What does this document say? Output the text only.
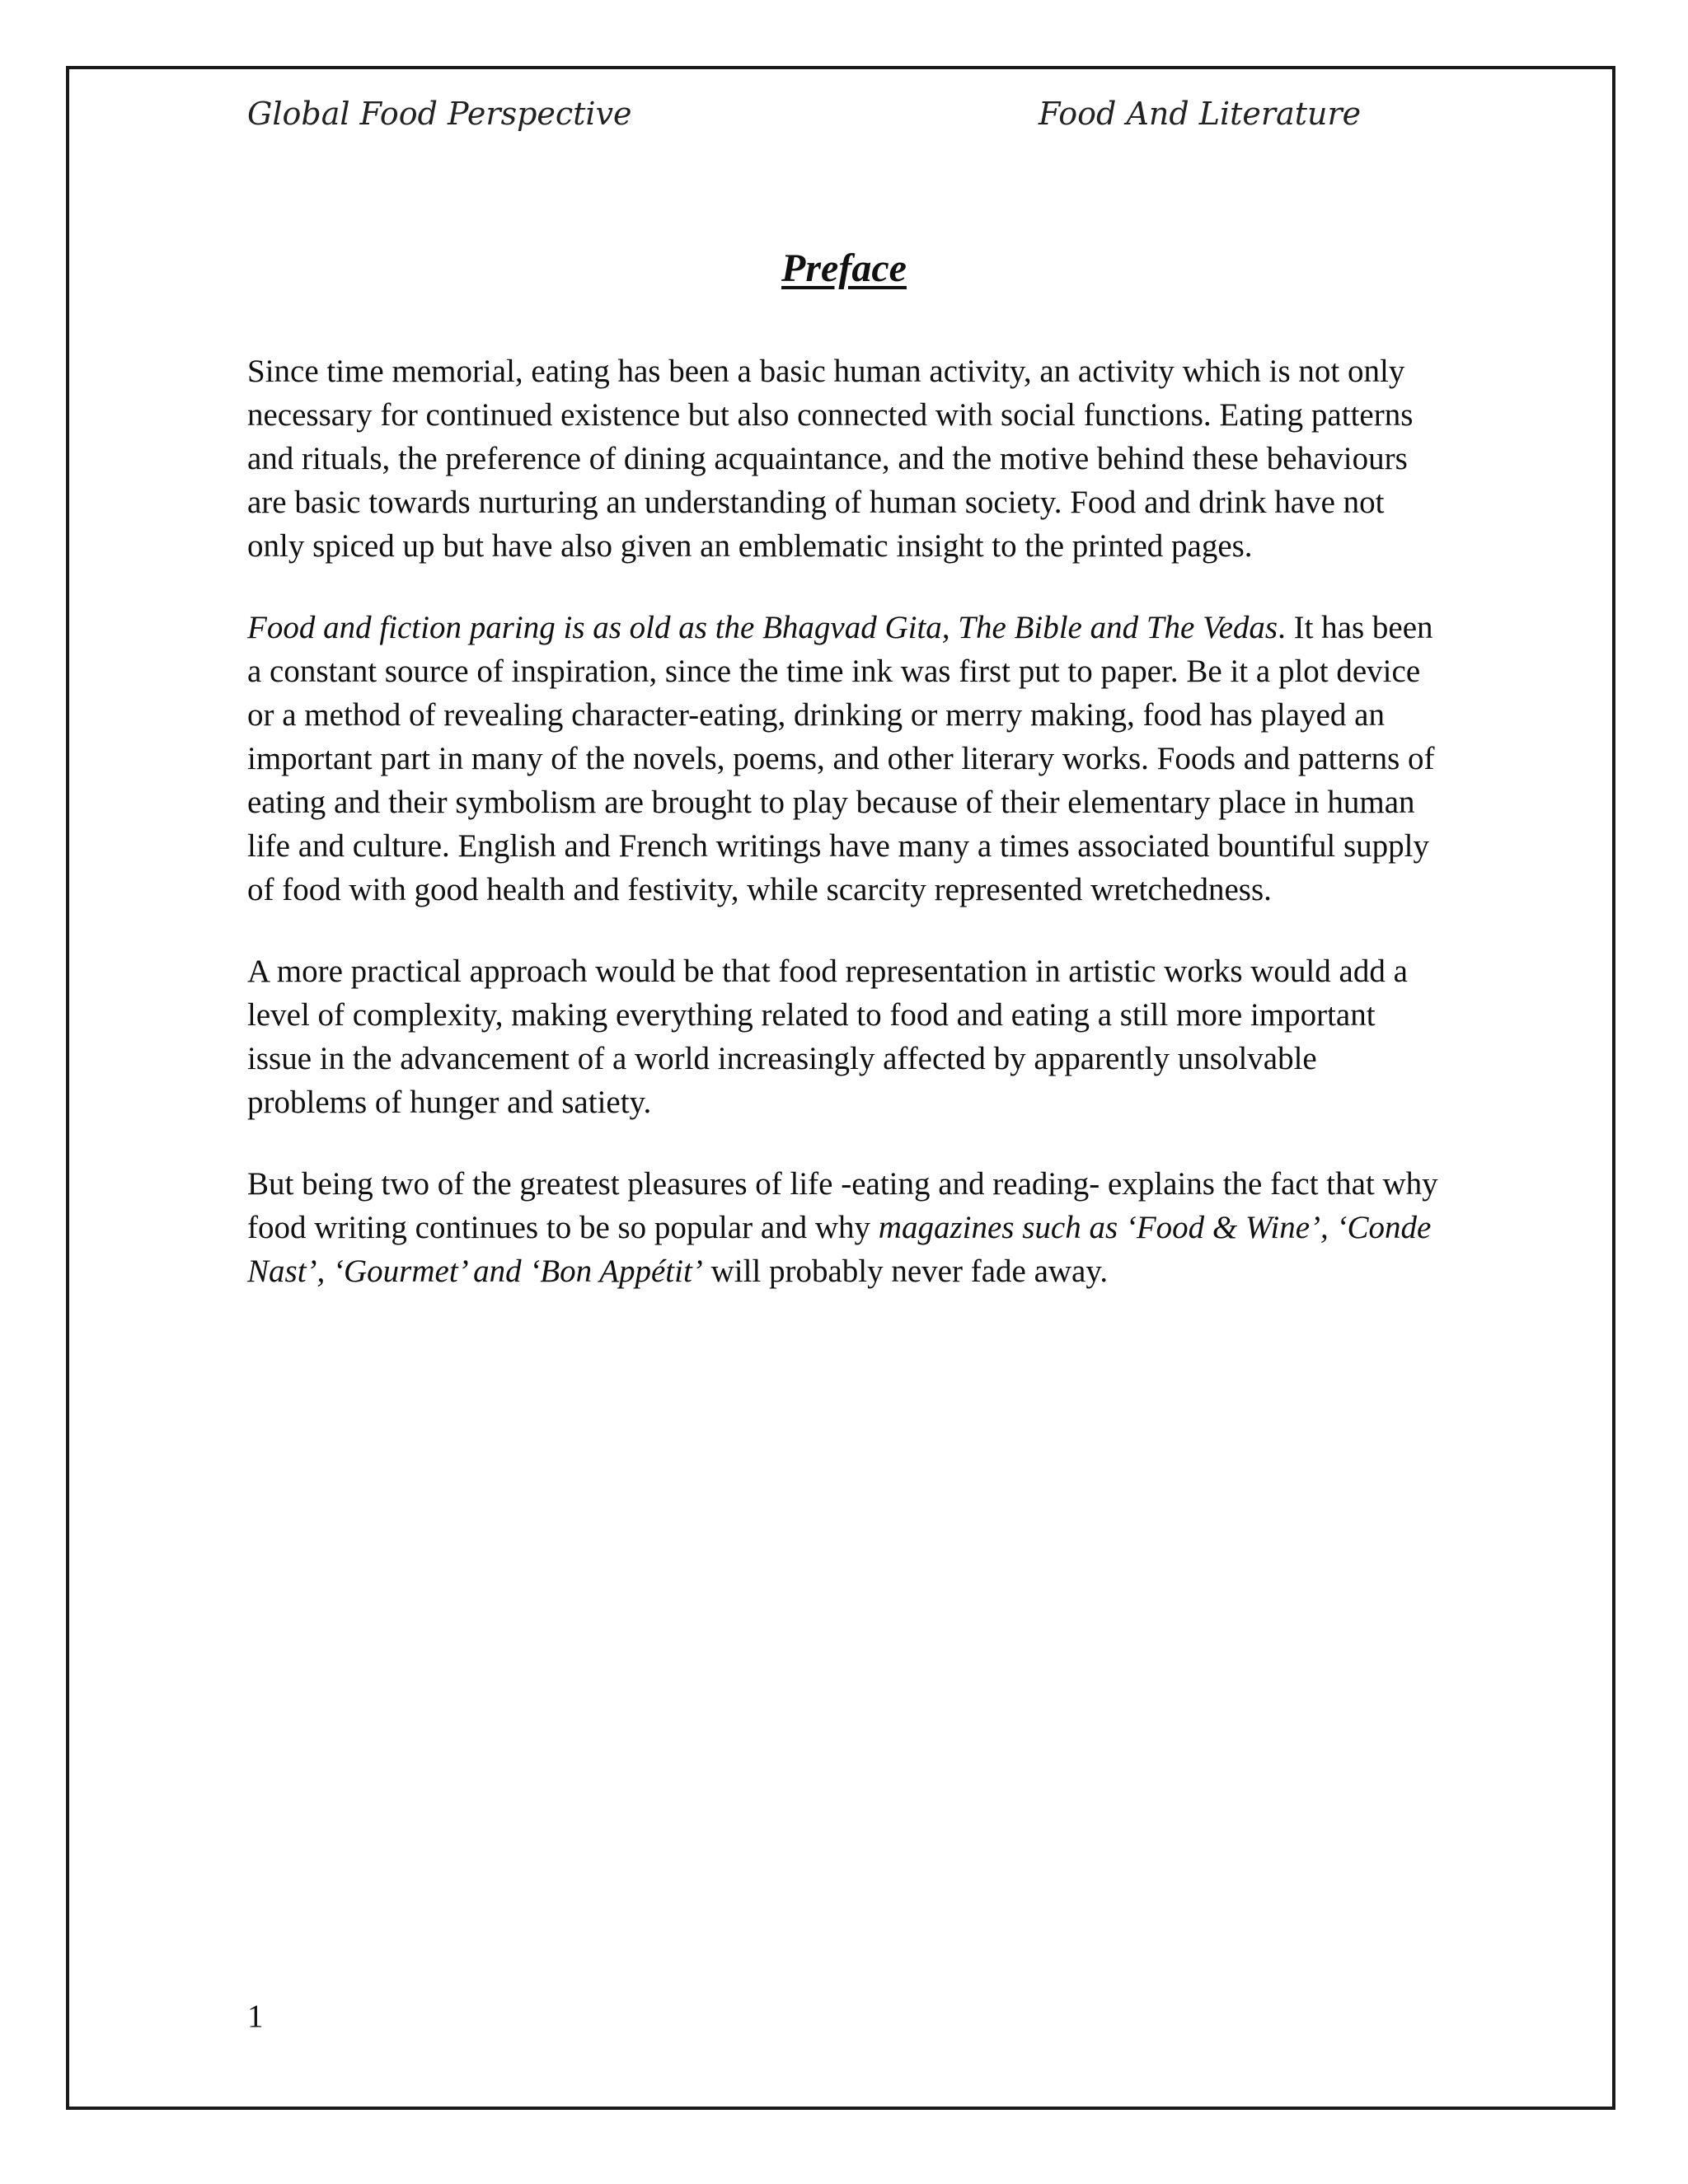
Global Food Perspective	Food And Literature
Preface

Since time memorial, eating has been a basic human activity, an activity which is not only necessary for continued existence but also connected with social functions. Eating patterns and rituals, the preference of dining acquaintance, and the motive behind these behaviours are basic towards nurturing an understanding of human society. Food and drink have not only spiced up but have also given an emblematic insight to the printed pages.

Food and fiction paring is as old as the Bhagvad Gita, The Bible and The Vedas. It has been a constant source of inspiration, since the time ink was first put to paper. Be it a plot device or a method of revealing character-eating, drinking or merry making, food has played an important part in many of the novels, poems, and other literary works. Foods and patterns of eating and their symbolism are brought to play because of their elementary place in human life and culture. English and French writings have many a times associated bountiful supply of food with good health and festivity, while scarcity represented wretchedness.

A more practical approach would be that food representation in artistic works would add a level of complexity, making everything related to food and eating a still more important issue in the advancement of a world increasingly affected by apparently unsolvable problems of hunger and satiety.

But being two of the greatest pleasures of life -eating and reading- explains the fact that why food writing continues to be so popular and why magazines such as ‘Food & Wine’, ‘Conde Nast’, ‘Gourmet’ and ‘Bon Appétit’ will probably never fade away.

1
